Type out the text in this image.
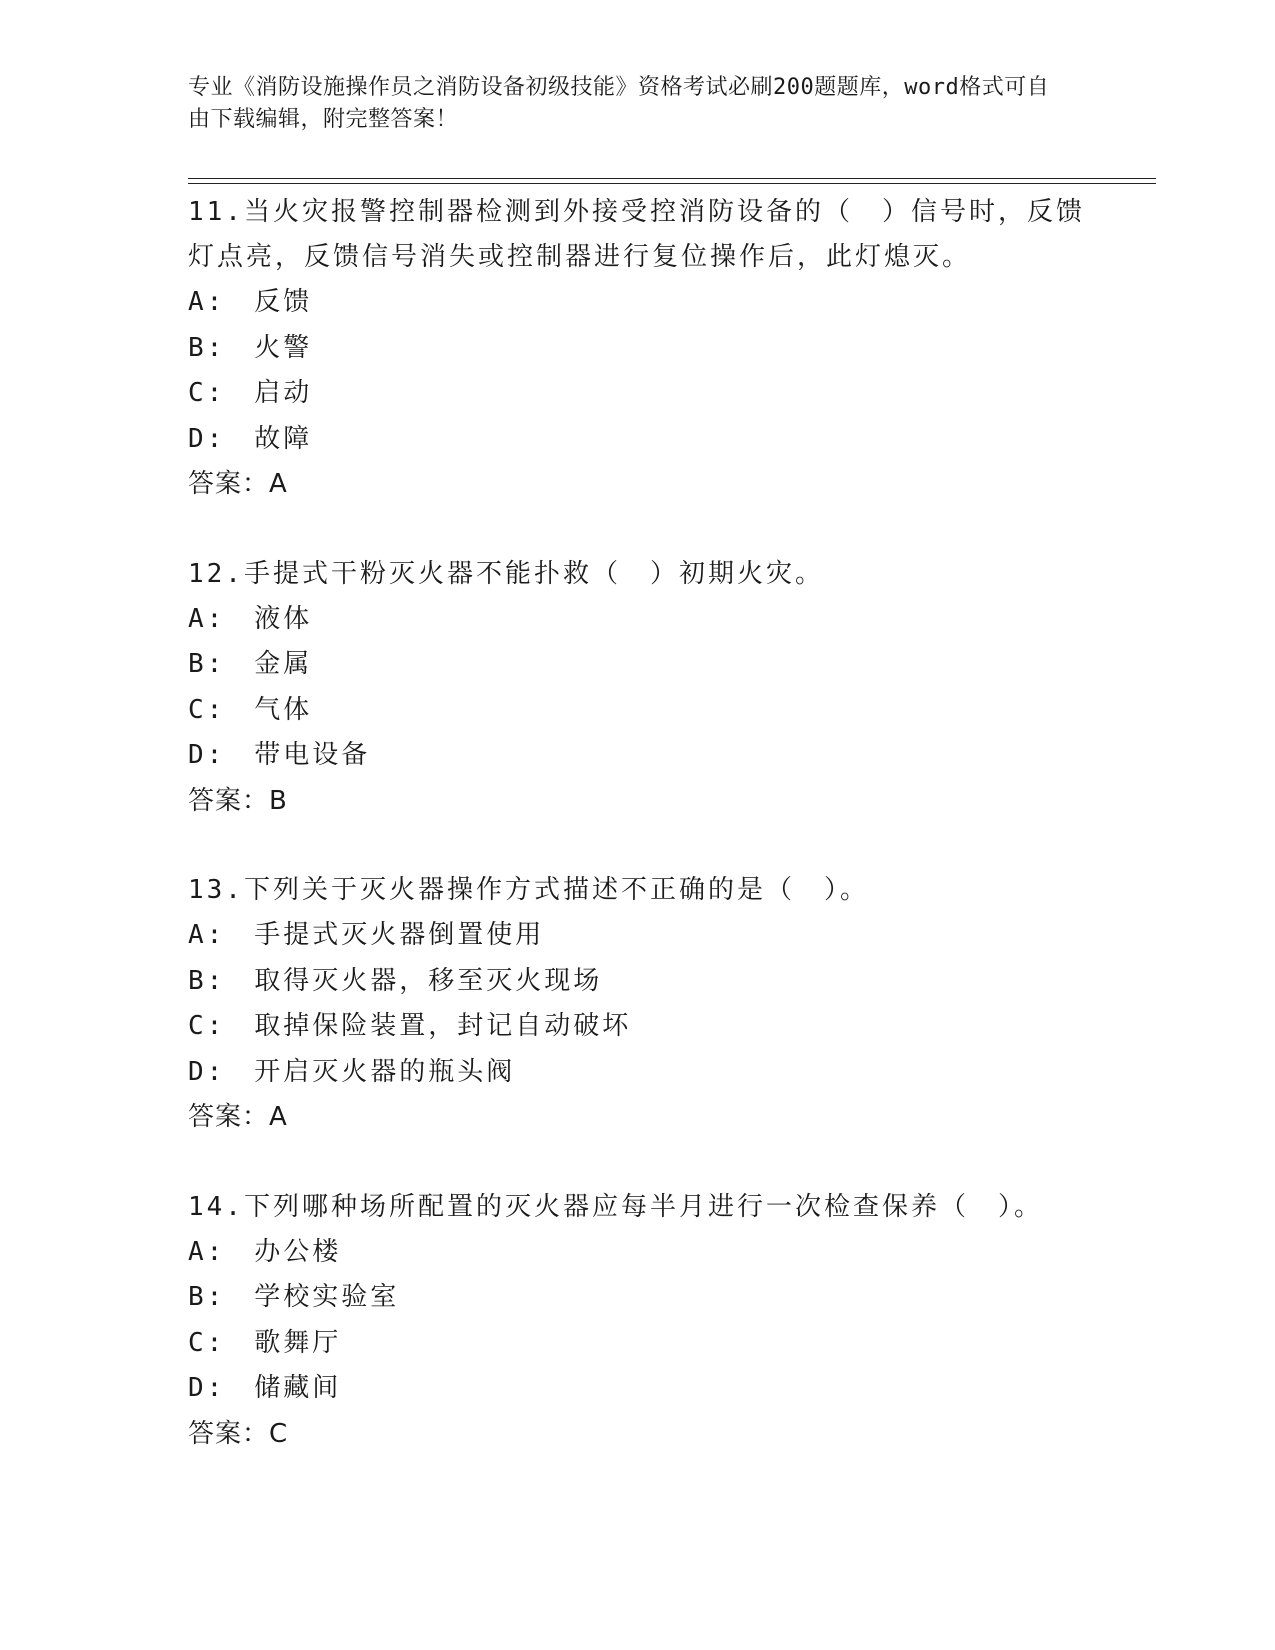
专业《消防设施操作员之消防设备初级技能》资格考试必刷200题题库，word格式可自由下载编辑，附完整答案！
11.当火灾报警控制器检测到外接受控消防设备的（　）信号时，反馈灯点亮，反馈信号消失或控制器进行复位操作后，此灯熄灭。
A:　反馈
B:　火警
C:　启动
D:　故障
答案：A
12.手提式干粉灭火器不能扑救（　）初期火灾。
A:　液体
B:　金属
C:　气体
D:　带电设备
答案：B
13.下列关于灭火器操作方式描述不正确的是（　）。
A:　手提式灭火器倒置使用
B:　取得灭火器，移至灭火现场
C:　取掉保险装置，封记自动破坏
D:　开启灭火器的瓶头阀
答案：A
14.下列哪种场所配置的灭火器应每半月进行一次检查保养（　）。
A:　办公楼
B:　学校实验室
C:　歌舞厅
D:　储藏间
答案：C
